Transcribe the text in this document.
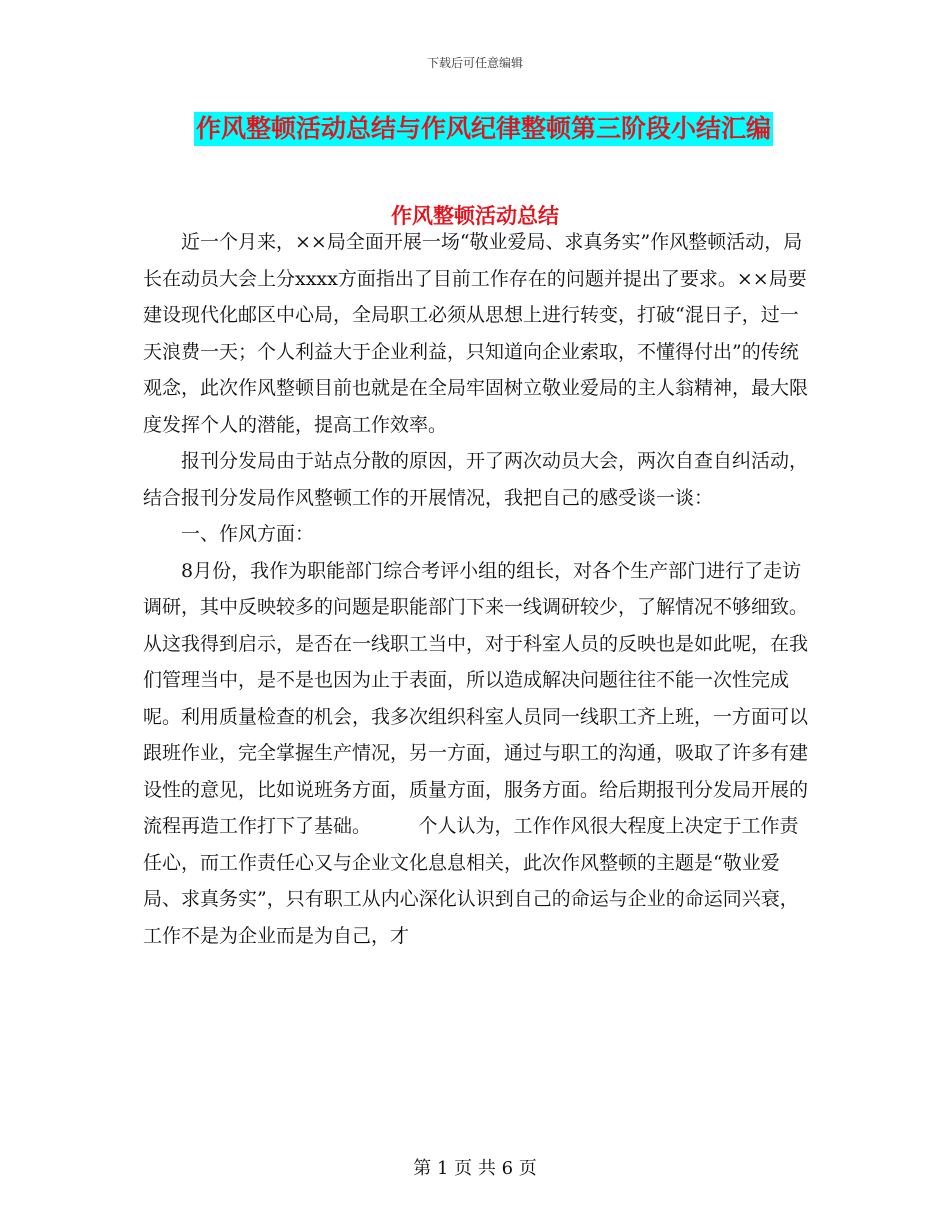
下载后可任意编辑
作风整顿活动总结与作风纪律整顿第三阶段小结汇编
作风整顿活动总结

近一个月来，××局全面开展一场“敬业爱局、求真务实”作风整顿活动，局长在动员大会上分xxxx方面指出了目前工作存在的问题并提出了要求。××局要建设现代化邮区中心局，全局职工必须从思想上进行转变，打破“混日子，过一天浪费一天；个人利益大于企业利益，只知道向企业索取，不懂得付出”的传统观念，此次作风整顿目前也就是在全局牢固树立敬业爱局的主人翁精神，最大限度发挥个人的潜能，提高工作效率。

报刊分发局由于站点分散的原因，开了两次动员大会，两次自查自纠活动，结合报刊分发局作风整顿工作的开展情况，我把自己的感受谈一谈：

一、作风方面：

8月份，我作为职能部门综合考评小组的组长，对各个生产部门进行了走访调研，其中反映较多的问题是职能部门下来一线调研较少，了解情况不够细致。从这我得到启示，是否在一线职工当中，对于科室人员的反映也是如此呢，在我们管理当中，是不是也因为止于表面，所以造成解决问题往往不能一次性完成呢。利用质量检查的机会，我多次组织科室人员同一线职工齐上班，一方面可以跟班作业，完全掌握生产情况，另一方面，通过与职工的沟通，吸取了许多有建设性的意见，比如说班务方面，质量方面，服务方面。给后期报刊分发局开展的流程再造工作打下了基础。　　　个人认为，工作作风很大程度上决定于工作责任心，而工作责任心又与企业文化息息相关，此次作风整顿的主题是“敬业爱局、求真务实”，只有职工从内心深化认识到自己的命运与企业的命运同兴衰，工作不是为企业而是为自己，才

第 1 页 共 6 页
